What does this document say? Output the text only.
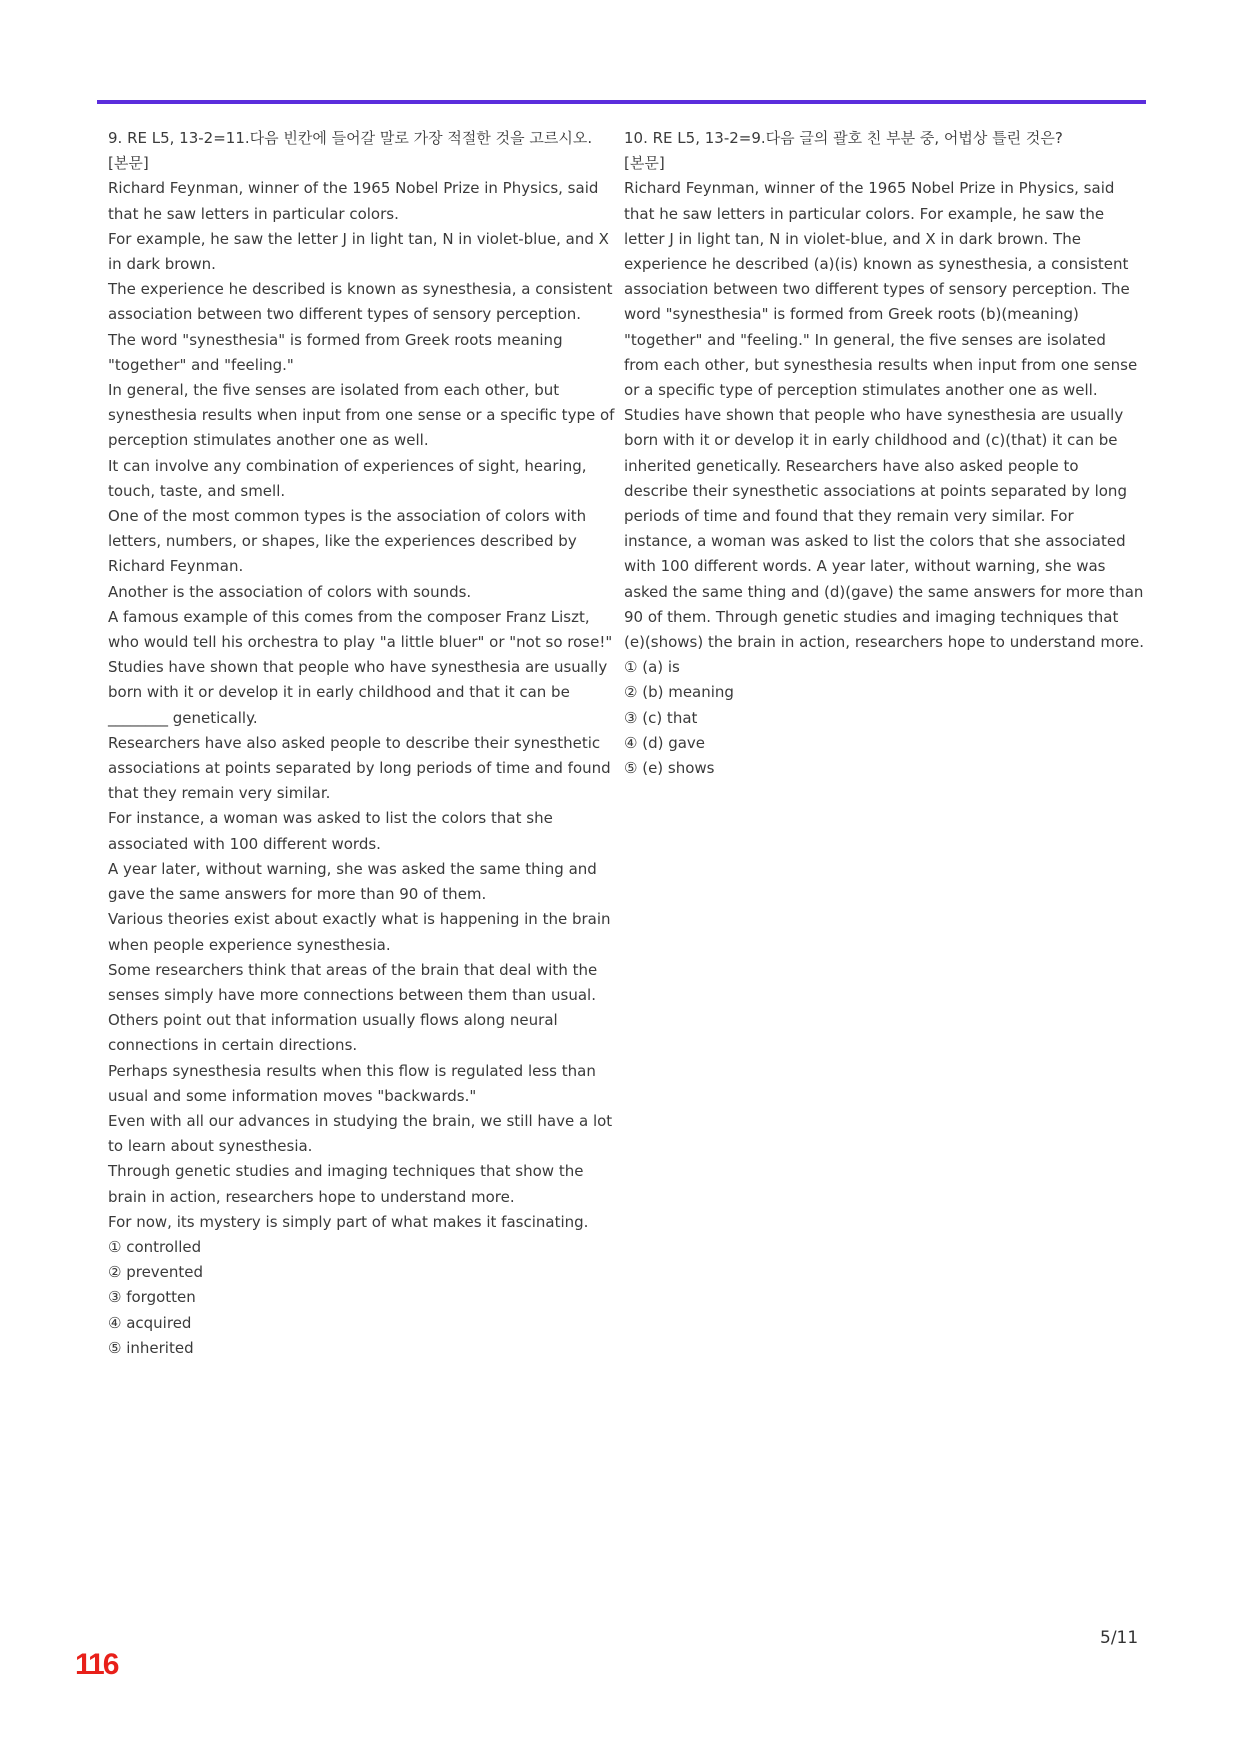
9. RE L5, 13-2=11.다음 빈칸에 들어갈 말로 가장 적절한 것을 고르시오.
[본문]
Richard Feynman, winner of the 1965 Nobel Prize in Physics, said that he saw letters in particular colors.
For example, he saw the letter J in light tan, N in violet-blue, and X in dark brown.
The experience he described is known as synesthesia, a consistent association between two different types of sensory perception.
The word "synesthesia" is formed from Greek roots meaning "together" and "feeling."
In general, the five senses are isolated from each other, but synesthesia results when input from one sense or a specific type of perception stimulates another one as well.
It can involve any combination of experiences of sight, hearing, touch, taste, and smell.
One of the most common types is the association of colors with letters, numbers, or shapes, like the experiences described by Richard Feynman.
Another is the association of colors with sounds.
A famous example of this comes from the composer Franz Liszt, who would tell his orchestra to play "a little bluer" or "not so rose!"
Studies have shown that people who have synesthesia are usually born with it or develop it in early childhood and that it can be ________ genetically.
Researchers have also asked people to describe their synesthetic associations at points separated by long periods of time and found that they remain very similar.
For instance, a woman was asked to list the colors that she associated with 100 different words.
A year later, without warning, she was asked the same thing and gave the same answers for more than 90 of them.
Various theories exist about exactly what is happening in the brain when people experience synesthesia.
Some researchers think that areas of the brain that deal with the senses simply have more connections between them than usual.
Others point out that information usually flows along neural connections in certain directions.
Perhaps synesthesia results when this flow is regulated less than usual and some information moves "backwards."
Even with all our advances in studying the brain, we still have a lot to learn about synesthesia.
Through genetic studies and imaging techniques that show the brain in action, researchers hope to understand more.
For now, its mystery is simply part of what makes it fascinating.
① controlled
② prevented
③ forgotten
④ acquired
⑤ inherited
10. RE L5, 13-2=9.다음 글의 괄호 친 부분 중, 어법상 틀린 것은?
[본문]
Richard Feynman, winner of the 1965 Nobel Prize in Physics, said that he saw letters in particular colors. For example, he saw the letter J in light tan, N in violet-blue, and X in dark brown. The experience he described (a)(is) known as synesthesia, a consistent association between two different types of sensory perception. The word "synesthesia" is formed from Greek roots (b)(meaning) "together" and "feeling." In general, the five senses are isolated from each other, but synesthesia results when input from one sense or a specific type of perception stimulates another one as well. Studies have shown that people who have synesthesia are usually born with it or develop it in early childhood and (c)(that) it can be inherited genetically. Researchers have also asked people to describe their synesthetic associations at points separated by long periods of time and found that they remain very similar. For instance, a woman was asked to list the colors that she associated with 100 different words. A year later, without warning, she was asked the same thing and (d)(gave) the same answers for more than 90 of them. Through genetic studies and imaging techniques that (e)(shows) the brain in action, researchers hope to understand more.
① (a) is
② (b) meaning
③ (c) that
④ (d) gave
⑤ (e) shows
5/11
116
